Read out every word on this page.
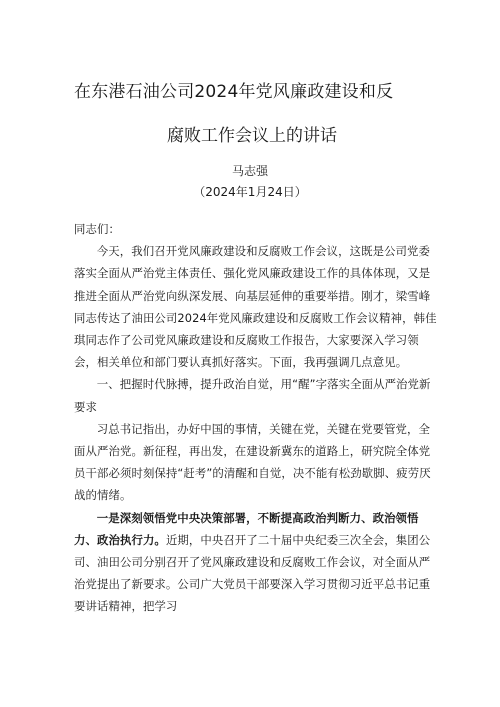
在东港石油公司2024年党风廉政建设和反
腐败工作会议上的讲话
马志强
（2024年1月24日）

同志们：

今天，我们召开党风廉政建设和反腐败工作会议，这既是公司党委落实全面从严治党主体责任、强化党风廉政建设工作的具体体现，又是推进全面从严治党向纵深发展、向基层延伸的重要举措。刚才，梁雪峰同志传达了油田公司2024年党风廉政建设和反腐败工作会议精神，韩佳琪同志作了公司党风廉政建设和反腐败工作报告，大家要深入学习领会，相关单位和部门要认真抓好落实。下面，我再强调几点意见。

一、把握时代脉搏，提升政治自觉，用“醒”字落实全面从严治党新要求

习总书记指出，办好中国的事情，关键在党，关键在党要管党，全面从严治党。新征程，再出发，在建设新冀东的道路上，研究院全体党员干部必须时刻保持“赶考”的清醒和自觉，决不能有松劲歇脚、疲劳厌战的情绪。

一是深刻领悟党中央决策部署，不断提高政治判断力、政治领悟力、政治执行力。近期，中央召开了二十届中央纪委三次全会，集团公司、油田公司分别召开了党风廉政建设和反腐败工作会议，对全面从严治党提出了新要求。公司广大党员干部要深入学习贯彻习近平总书记重要讲话精神，把学习
